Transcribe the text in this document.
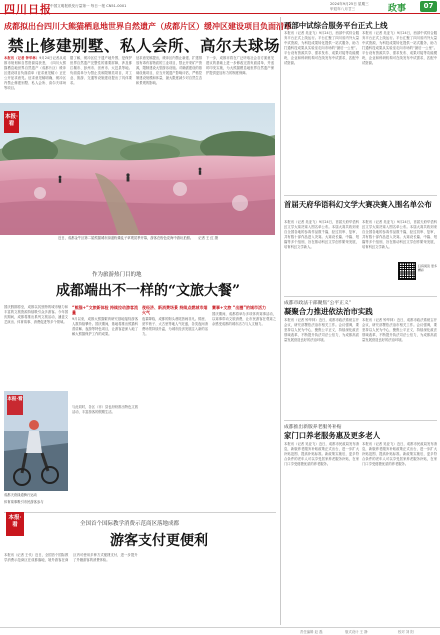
四川日报
中国文明报纸发行量第一 每日一报 CN51-0001
2024年9月25日 星期三
甲辰年八月廿三	政事	07
成都拟出台四川大熊猫栖息地世界自然遗产（成都片区）缓冲区建设项目负面清单
禁止修建别墅、私人会所、高尔夫球场
本报讯（记者 钟华林）9月24日记者从成都市规划和自然资源局获悉，《四川大熊猫栖息地世界自然遗产（成都片区）缓冲区建设项目负面清单（征求意见稿）》正在公开征求意见。征求意见稿明确，缓冲区内禁止修建别墅、私人会所、高尔夫球场等项目。
据了解，缓冲区位于遗产地外围，是保护世界自然遗产完整性的重要屏障，涉及都江堰市、彭州市、崇州市、大邑县等地。负面清单分为禁止类和限制类项目，对工业、旅游、交通等设施建设提出了具体要求。
征求意见稿提出，缓冲区内禁止新建、扩建排放有毒有害物质的工业项目，禁止开采矿产资源，限制建设大型游乐设施。对确需建设的基础设施项目，应当开展遗产影响评估，严格控制建设规模和体量，最大限度减少对自然生态和景观的影响。
下一步，成都市将在广泛听取社会各方面意见建议的基础上进一步修改完善负面清单，并适时印发实施，为大熊猫栖息地世界自然遗产保护提供更加有力的制度保障。
本报·看
近日，成都金牛区第二届熊猫城市绿道粉黛乱子草观赏季开幕，游客在粉色花海中游玩拍照。 记者 王 红 摄
作为旅游热门目的地
成都端出不一样的“文旅大餐”
国庆假期将至，成都以其独特的城市魅力和丰富的文旅资源持续吸引众多游客。今年国庆期间，成都将推出系列文旅活动，涵盖文艺演出、体育赛事、消费促进等多个领域。
本报·看
成都天府绿道骑行运动
体育赛事吸引市民游客参与
“熊猫+”文旅新体验 持续拉动游客流量
9月以来，成都大熊猫繁育研究基地接待游客人数持续攀升。国庆期间，基地将推出熊猫科普讲解、夜游等特色项目，让游客更深入地了解大熊猫保护工作的成果。
与此同时，各区（市）县也纷纷推出特色文旅活动，丰富游客的假期生活。
夜经济、新消费场景 持续点燃城市烟火气
夜幕降临，成都的街头巷尾热闹非凡。锦里、宽窄巷子、太古里等地人气旺盛，各类夜间消费场景持续升温，为城市经济发展注入新的活力。
赛事+文旅 “出圈”的城市活力
国庆期间，成都将举办多项体育赛事活动，以赛事带动文旅消费，让市民游客在观赛之余感受成都的城市活力与人文魅力。
全国首个国际教学消费示范商区落地成都
游客支付更便利
本报·看
本报讯（记者 王代）近日，全国首个国际教学消费示范商区在成都落地，境外游客在商区内可使用多种方式便捷支付，进一步提升了外籍游客的消费体验。
西部中试综合服务平台正式上线
本报讯（记者 吴亚飞）9月24日，西部中试综合服务平台正式上线运行。平台汇聚了四川省内外大量中试资源，为科技成果转化提供一站式服务，助力打通科技成果从实验室走向市场的“最后一公里”。平台设有资源共享、需求发布、成果对接等功能模块，企业和科研机构可在线发布中试需求，匹配中试资源。
本报讯（记者 吴亚飞）9月24日，西部中试综合服务平台正式上线运行。平台汇聚了四川省内外大量中试资源，为科技成果转化提供一站式服务，助力打通科技成果从实验室走向市场的“最后一公里”。平台设有资源共享、需求发布、成果对接等功能模块，企业和科研机构可在线发布中试需求，匹配中试资源。
首届天府华语科幻文学大赛决赛入围名单公布
本报讯（记者 吴亚飞）9月24日，首届天府华语科幻文学大赛决赛入围名单公布。本届大赛共收到来自全国各地的参赛作品数千篇，经过初审、复审，共有数十部作品进入决赛。大赛设长篇、中篇、短篇等多个组别，旨在推动科幻文学创作繁荣发展，培育科幻文学新人。
本报讯（记者 吴亚飞）9月24日，首届天府华语科幻文学大赛决赛入围名单公布。本届大赛共收到来自全国各地的参赛作品数千篇，经过初审、复审，共有数十部作品进入决赛。大赛设长篇、中篇、短篇等多个组别，旨在推动科幻文学创作繁荣发展，培育科幻文学新人。
扫码阅读 更多精彩
成都市政法干部聚焦“公平正义”
凝聚合力推进依法治市实践
本报讯（记者 钟华林）近日，成都市政法系统召开会议，研究部署依法治市相关工作。会议强调，要坚持以人民为中心，聚焦公平正义，持续深化政法领域改革，不断提升执法司法公信力，为成都高质量发展营造良好的法治环境。
本报讯（记者 钟华林）近日，成都市政法系统召开会议，研究部署依法治市相关工作。会议强调，要坚持以人民为中心，聚焦公平正义，持续深化政法领域改革，不断提升执法司法公信力，为成都高质量发展营造良好的法治环境。
成都推出新版养老服务补贴
家门口养老服务惠及更多老人
本报讯（记者 吴亚飞）近日，成都市民政局发布消息，新版养老服务补贴政策正式出台，进一步扩大补贴范围、提高补贴标准。新政策实施后，更多符合条件的老年人可以享受居家养老服务补贴，在家门口享受便捷优质的养老服务。
本报讯（记者 吴亚飞）近日，成都市民政局发布消息，新版养老服务补贴政策正式出台，进一步扩大补贴范围、提高补贴标准。新政策实施后，更多符合条件的老年人可以享受居家养老服务补贴，在家门口享受便捷优质的养老服务。
责任编辑 赵 磊	版式设计 王 静	校对 刘 阳
